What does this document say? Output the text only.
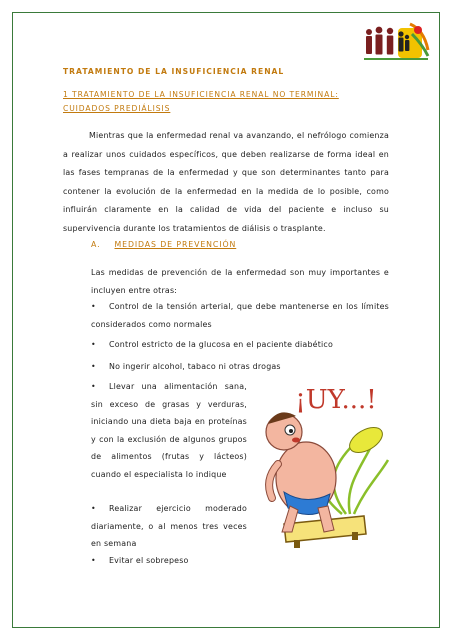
TRATAMIENTO DE LA INSUFICIENCIA RENAL
1 TRATAMIENTO DE LA INSUFICIENCIA RENAL NO TERMINAL: CUIDADOS PREDIÁLISIS
Mientras que la enfermedad renal va avanzando, el nefrólogo comienza a realizar unos cuidados específicos, que deben realizarse de forma ideal en las fases tempranas de la enfermedad y que son determinantes tanto para contener la evolución de la enfermedad en la medida de lo posible, como influirán claramente en la calidad de vida del paciente e incluso su supervivencia durante los tratamientos de diálisis o trasplante.
A. MEDIDAS DE PREVENCIÓN
Las medidas de prevención de la enfermedad son muy importantes e incluyen entre otras:
•	Control de la tensión arterial, que debe mantenerse en los límites considerados como normales
•	Control estricto de la glucosa en el paciente diabético
•	No ingerir alcohol, tabaco ni otras drogas
•	Llevar una alimentación sana, sin exceso de grasas y verduras, iniciando una dieta baja en proteínas y con la exclusión de algunos grupos de alimentos (frutas y lácteos) cuando el especialista lo indique
•	Realizar ejercicio moderado diariamente, o al menos tres veces en semana
•	Evitar el sobrepeso
¡UY...!
